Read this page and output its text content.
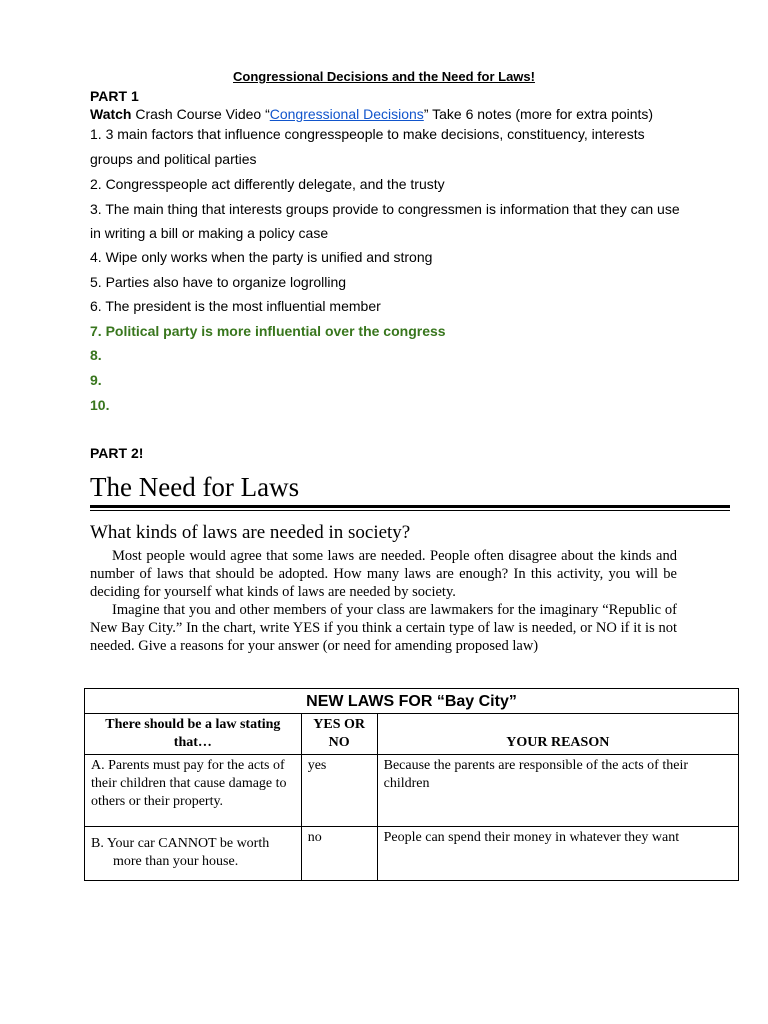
Congressional Decisions and the Need for Laws!
PART 1
Watch Crash Course Video “Congressional Decisions” Take 6 notes (more for extra points)
1. 3 main factors that influence congresspeople to make decisions, constituency, interests
groups and political parties
2. Congresspeople act differently delegate, and the trusty
3. The main thing that interests groups provide to congressmen is information that they can use
in writing a bill or making a policy case
4. Wipe only works when the party is unified and strong
5. Parties also have to organize logrolling
6. The president is the most influential member
7. Political party is more influential over the congress
8.
9.
10.
PART 2!
The Need for Laws
What kinds of laws are needed in society?

Most people would agree that some laws are needed. People often disagree about the kinds and number of laws that should be adopted. How many laws are enough? In this activity, you will be deciding for yourself what kinds of laws are needed by society.

Imagine that you and other members of your class are lawmakers for the imaginary “Republic of New Bay City.” In the chart, write YES if you think a certain type of law is needed, or NO if it is not needed. Give a reasons for your answer (or need for amending proposed law)

NEW LAWS FOR “Bay City”		
There should be a law stating that…	YES OR NO	YOUR REASON
A. Parents must pay for the acts of their children that cause damage to others or their property.	yes	Because the parents are responsible of the acts of their children
B. Your car CANNOT be worth more than your house.	no	People can spend their money in whatever they want
